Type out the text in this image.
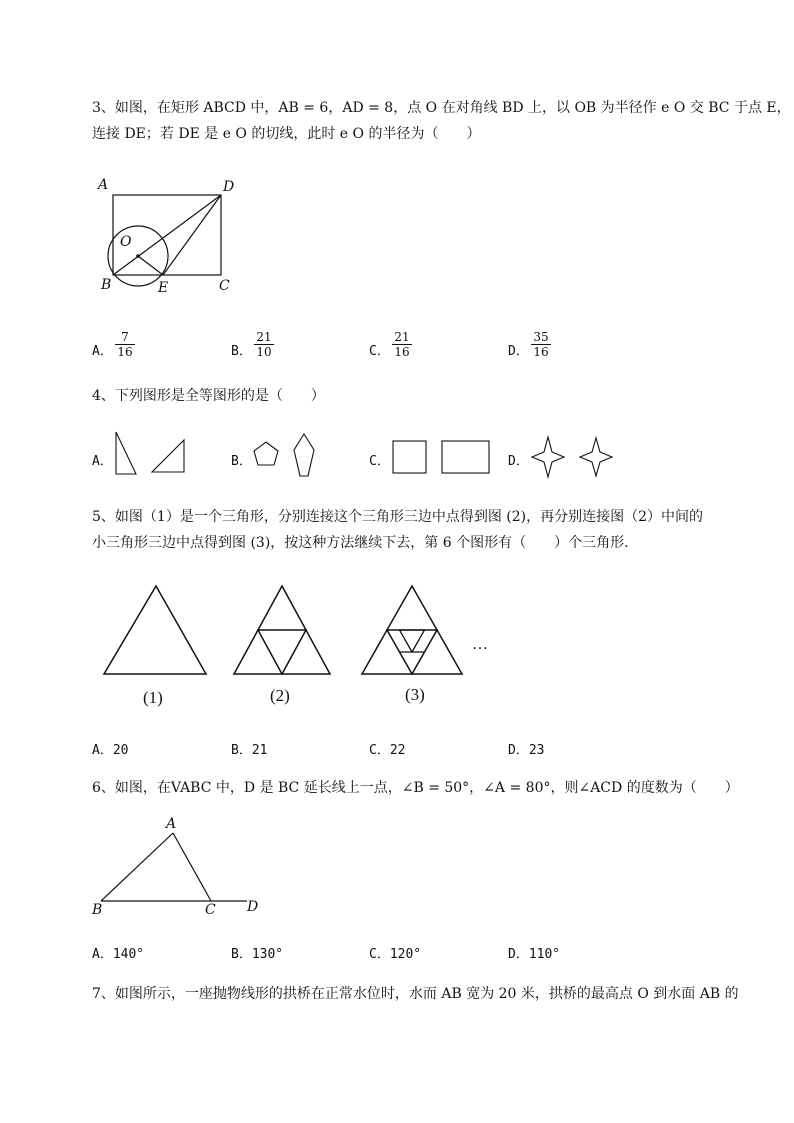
3、如图，在矩形 ABCD 中，AB = 6，AD = 8，点 O 在对角线 BD 上，以 OB 为半径作 e O 交 BC 于点 E，
连接 DE；若 DE 是 e O 的切线，此时 e O 的半径为（　　）
A	D
O
B	E	C
A． $\frac{7}{16}$	B． $\frac{21}{10}$	C． $\frac{21}{16}$	D． $\frac{35}{16}$
4、下列图形是全等图形的是（　　）
A．	B．	C．	D．
5、如图（1）是一个三角形，分别连接这个三角形三边中点得到图 (2)，再分别连接图（2）中间的
小三角形三边中点得到图 (3)，按这种方法继续下去，第 6 个图形有（　　）个三角形．
…
(1)	(2)	(3)
A．20	B．21	C．22	D．23
6、如图，在VABC 中，D 是 BC 延长线上一点，∠B = 50°，∠A = 80°，则∠ACD 的度数为（　　）
A
B	C D
A．140°	B．130°	C．120°	D．110°
7、如图所示，一座抛物线形的拱桥在正常水位时，水而 AB 宽为 20 米，拱桥的最高点 O 到水面 AB 的
